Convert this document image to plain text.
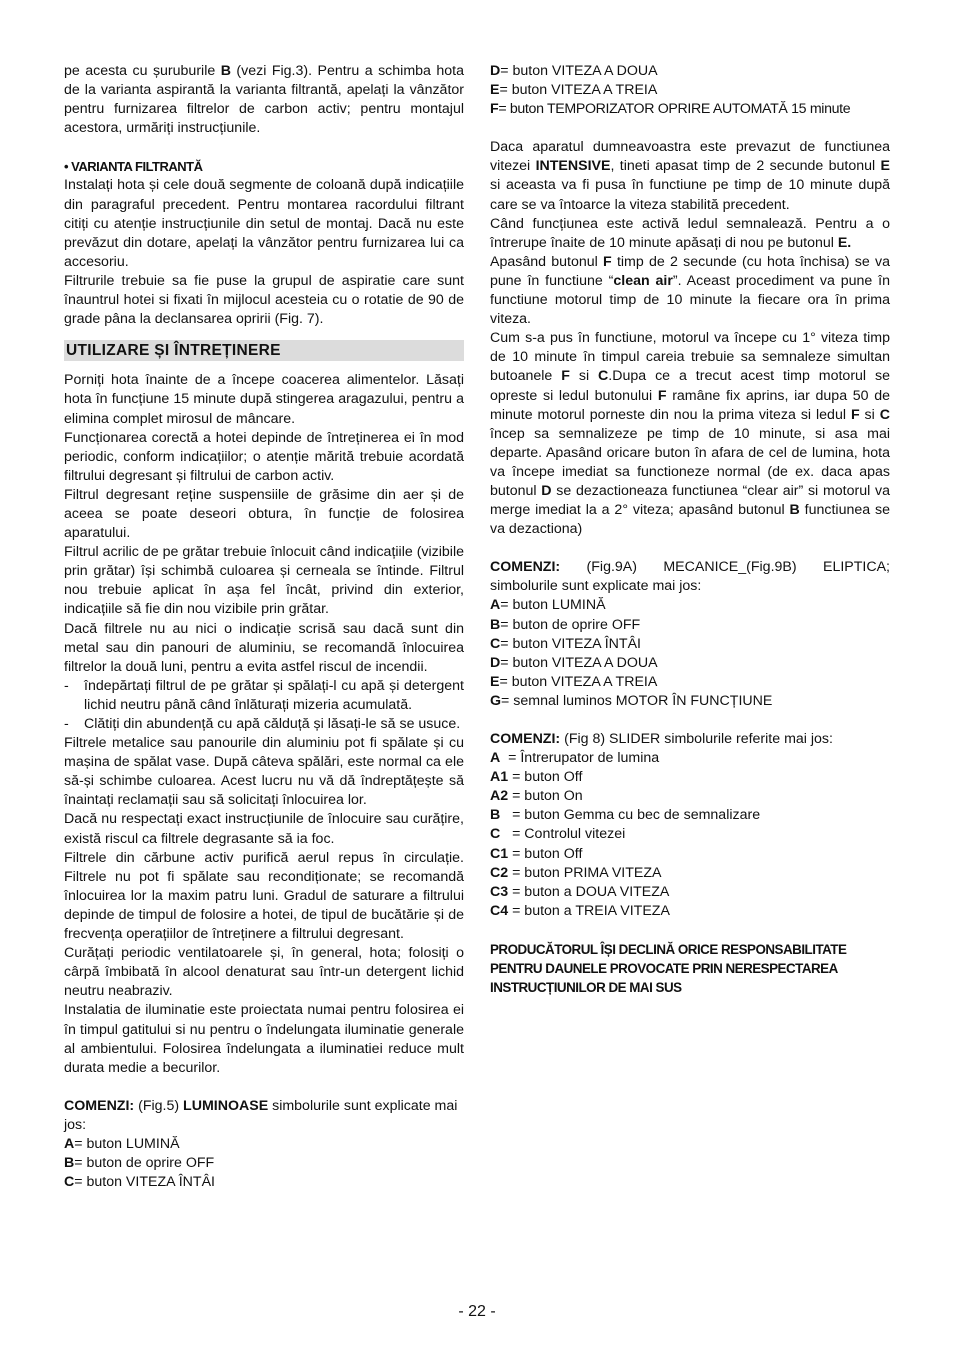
pe acesta cu șuruburile B (vezi Fig.3). Pentru a schimba hota de la varianta aspirantă la varianta filtrantă, apelați la vânzător pentru furnizarea filtrelor de carbon activ; pentru montajul acestora, urmăriți instrucțiunile.

• VARIANTA FILTRANTĂ

Instalați hota și cele două segmente de coloană după indicațiile din paragraful precedent. Pentru montarea racordului filtrant citiți cu atenție instrucțiunile din setul de montaj. Dacă nu este prevăzut din dotare, apelați la vânzător pentru furnizarea lui ca accesoriu.

Filtrurile trebuie sa fie puse la grupul de aspiratie care sunt înauntrul hotei si fixati în mijlocul acesteia cu o rotatie de 90 de grade pâna la declansarea opririi (Fig. 7).

UTILIZARE ȘI ÎNTREȚINERE

Porniți hota înainte de a începe coacerea alimentelor. Lăsați hota în funcțiune 15 minute după stingerea aragazului, pentru a elimina complet mirosul de mâncare.

Funcționarea corectă a hotei depinde de întreținerea ei în mod periodic, conform indicațiilor; o atenție mărită trebuie acordată filtrului degresant și filtrului de carbon activ.

Filtrul degresant reține suspensiile de grăsime din aer și de aceea se poate deseori obtura, în funcție de folosirea aparatului.

Filtrul acrilic de pe grătar trebuie înlocuit când indicațiile (vizibile prin grătar) își schimbă culoarea și cerneala se întinde. Filtrul nou trebuie aplicat în așa fel încât, privind din exterior, indicațiile să fie din nou vizibile prin grătar.

Dacă filtrele nu au nici o indicație scrisă sau dacă sunt din metal sau din panouri de aluminiu, se recomandă înlocuirea filtrelor la două luni, pentru a evita astfel riscul de incendii.

- îndepărtați filtrul de pe grătar și spălați-l cu apă și detergent lichid neutru până când înlăturați mizeria acumulată.
- Clătiți din abundență cu apă călduță și lăsați-le să se usuce.

Filtrele metalice sau panourile din aluminiu pot fi spălate și cu mașina de spălat vase. După câteva spălări, este normal ca ele să-și schimbe culoarea. Acest lucru nu vă dă îndreptățește să înaintați reclamații sau să solicitați înlocuirea lor.

Dacă nu respectați exact instrucțiunile de înlocuire sau curățire, există riscul ca filtrele degrasante să ia foc.

Filtrele din cărbune activ purifică aerul repus în circulație. Filtrele nu pot fi spălate sau recondiționate; se recomandă înlocuirea lor la maxim patru luni. Gradul de saturare a filtrului depinde de timpul de folosire a hotei, de tipul de bucătărie și de frecvența operațiilor de întreținere a filtrului degresant.

Curățați periodic ventilatoarele și, în general, hota; folosiți o cârpă îmbibată în alcool denaturat sau într-un detergent lichid neutru neabraziv.

Instalatia de iluminatie este proiectata numai pentru folosirea ei în timpul gatitului si nu pentru o îndelungata iluminatie generale al ambientului. Folosirea îndelungata a iluminatiei reduce mult durata medie a becurilor.

COMENZI: (Fig.5) LUMINOASE simbolurile sunt explicate mai jos:

A= buton LUMINĂ

B= buton de oprire OFF

C= buton VITEZA ÎNTÂI

D= buton VITEZA A DOUA

E= buton VITEZA A TREIA

F= buton TEMPORIZATOR OPRIRE AUTOMATĂ 15 minute

Daca aparatul dumneavoastra este prevazut de functiunea vitezei INTENSIVE, tineti apasat timp de 2 secunde butonul E si aceasta va fi pusa în functiune pe timp de 10 minute după care se va întoarce la viteza stabilită precedent.

Când funcțiunea este activă ledul semnalează. Pentru a o întrerupe înaite de 10 minute apăsați di nou pe butonul E.

Apasând butonul F timp de 2 secunde (cu hota închisa) se va pune în functiune “clean air”. Aceast procediment va pune în functiune motorul timp de 10 minute la fiecare ora în prima viteza.

Cum s-a pus în functiune, motorul va începe cu 1° viteza timp de 10 minute în timpul careia trebuie sa semnaleze simultan butoanele F si C.Dupa ce a trecut acest timp motorul se opreste si ledul butonului F ramâne fix aprins, iar dupa 50 de minute motorul porneste din nou la prima viteza si ledul F si C încep sa semnalizeze pe timp de 10 minute, si asa mai departe. Apasând oricare buton în afara de cel de lumina, hota va începe imediat sa functioneze normal (de ex. daca apas butonul D se dezactioneaza functiunea “clear air” si motorul va merge imediat la a 2° viteza; apasând butonul B functiunea se va dezactiona)

COMENZI: (Fig.9A) MECANICE_(Fig.9B) ELIPTICA; simbolurile sunt explicate mai jos:

A= buton LUMINĂ

B= buton de oprire OFF

C= buton VITEZA ÎNTÂI

D= buton VITEZA A DOUA

E= buton VITEZA A TREIA

G= semnal luminos MOTOR ÎN FUNCȚIUNE

COMENZI: (Fig 8) SLIDER simbolurile referite mai jos:

A  = Întrerupator de lumina

A1 = buton Off

A2 = buton On

B   = buton Gemma cu bec de semnalizare

C   = Controlul vitezei

C1 = buton Off

C2 = buton PRIMA VITEZA

C3 = buton a DOUA VITEZA

C4 = buton a TREIA VITEZA

PRODUCĂTORUL ÎȘI DECLINĂ ORICE RESPONSABILITATE PENTRU DAUNELE PROVOCATE PRIN NERESPECTAREA INSTRUCȚIUNILOR DE MAI SUS

- 22 -
